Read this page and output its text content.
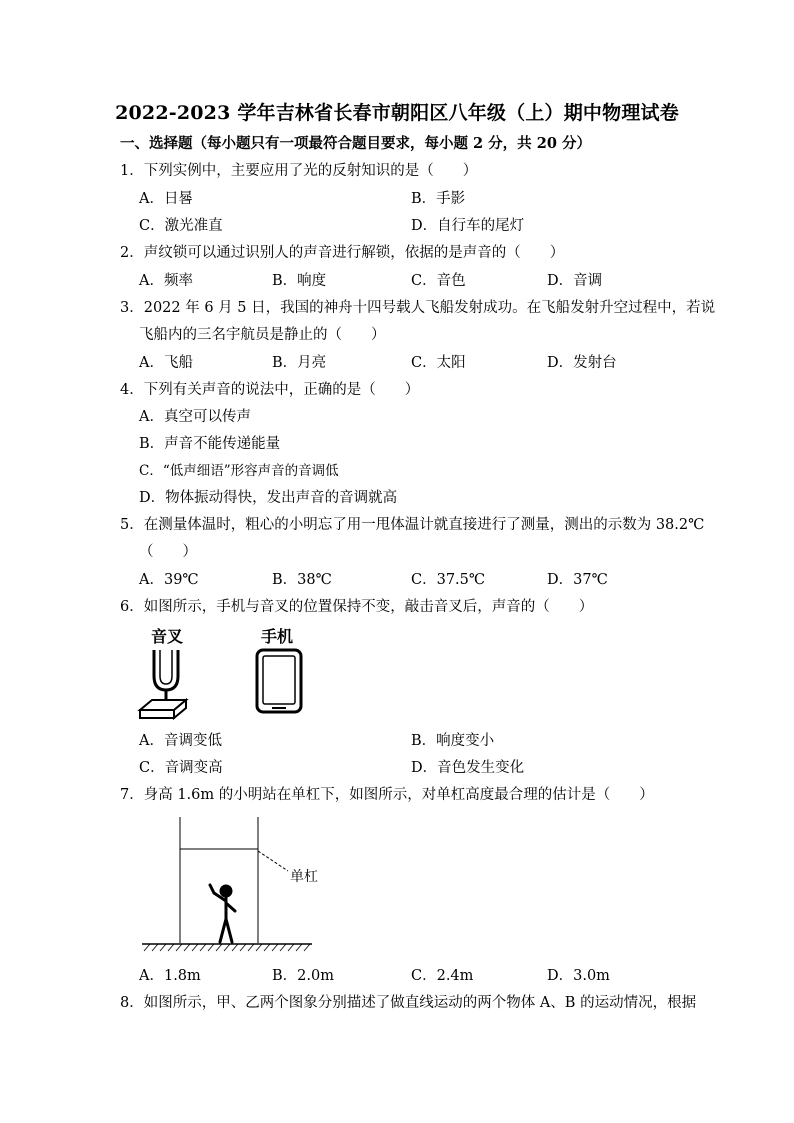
2022-2023 学年吉林省长春市朝阳区八年级（上）期中物理试卷
一、选择题（每小题只有一项最符合题目要求，每小题 2 分，共 20 分）
1．下列实例中，主要应用了光的反射知识的是（　　）
A．日晷	B．手影
C．激光准直	D．自行车的尾灯
2．声纹锁可以通过识别人的声音进行解锁，依据的是声音的（　　）
A．频率	B．响度	C．音色	D．音调
3．2022 年 6 月 5 日，我国的神舟十四号载人飞船发射成功。在飞船发射升空过程中，若说
飞船内的三名宇航员是静止的（　　）
A．飞船	B．月亮	C．太阳	D．发射台
4．下列有关声音的说法中，正确的是（　　）
A．真空可以传声
B．声音不能传递能量
C．“低声细语”形容声音的音调低
D．物体振动得快，发出声音的音调就高
5．在测量体温时，粗心的小明忘了用一甩体温计就直接进行了测量，测出的示数为 38.2℃
（　　）
A．39℃	B．38℃	C．37.5℃	D．37℃
6．如图所示，手机与音叉的位置保持不变，敲击音叉后，声音的（　　）
音叉	手机
A．音调变低	B．响度变小
C．音调变高	D．音色发生变化
7．身高 1.6m 的小明站在单杠下，如图所示，对单杠高度最合理的估计是（　　）
单杠
A．1.8m	B．2.0m	C．2.4m	D．3.0m
8．如图所示，甲、乙两个图象分别描述了做直线运动的两个物体 A、B 的运动情况，根据
